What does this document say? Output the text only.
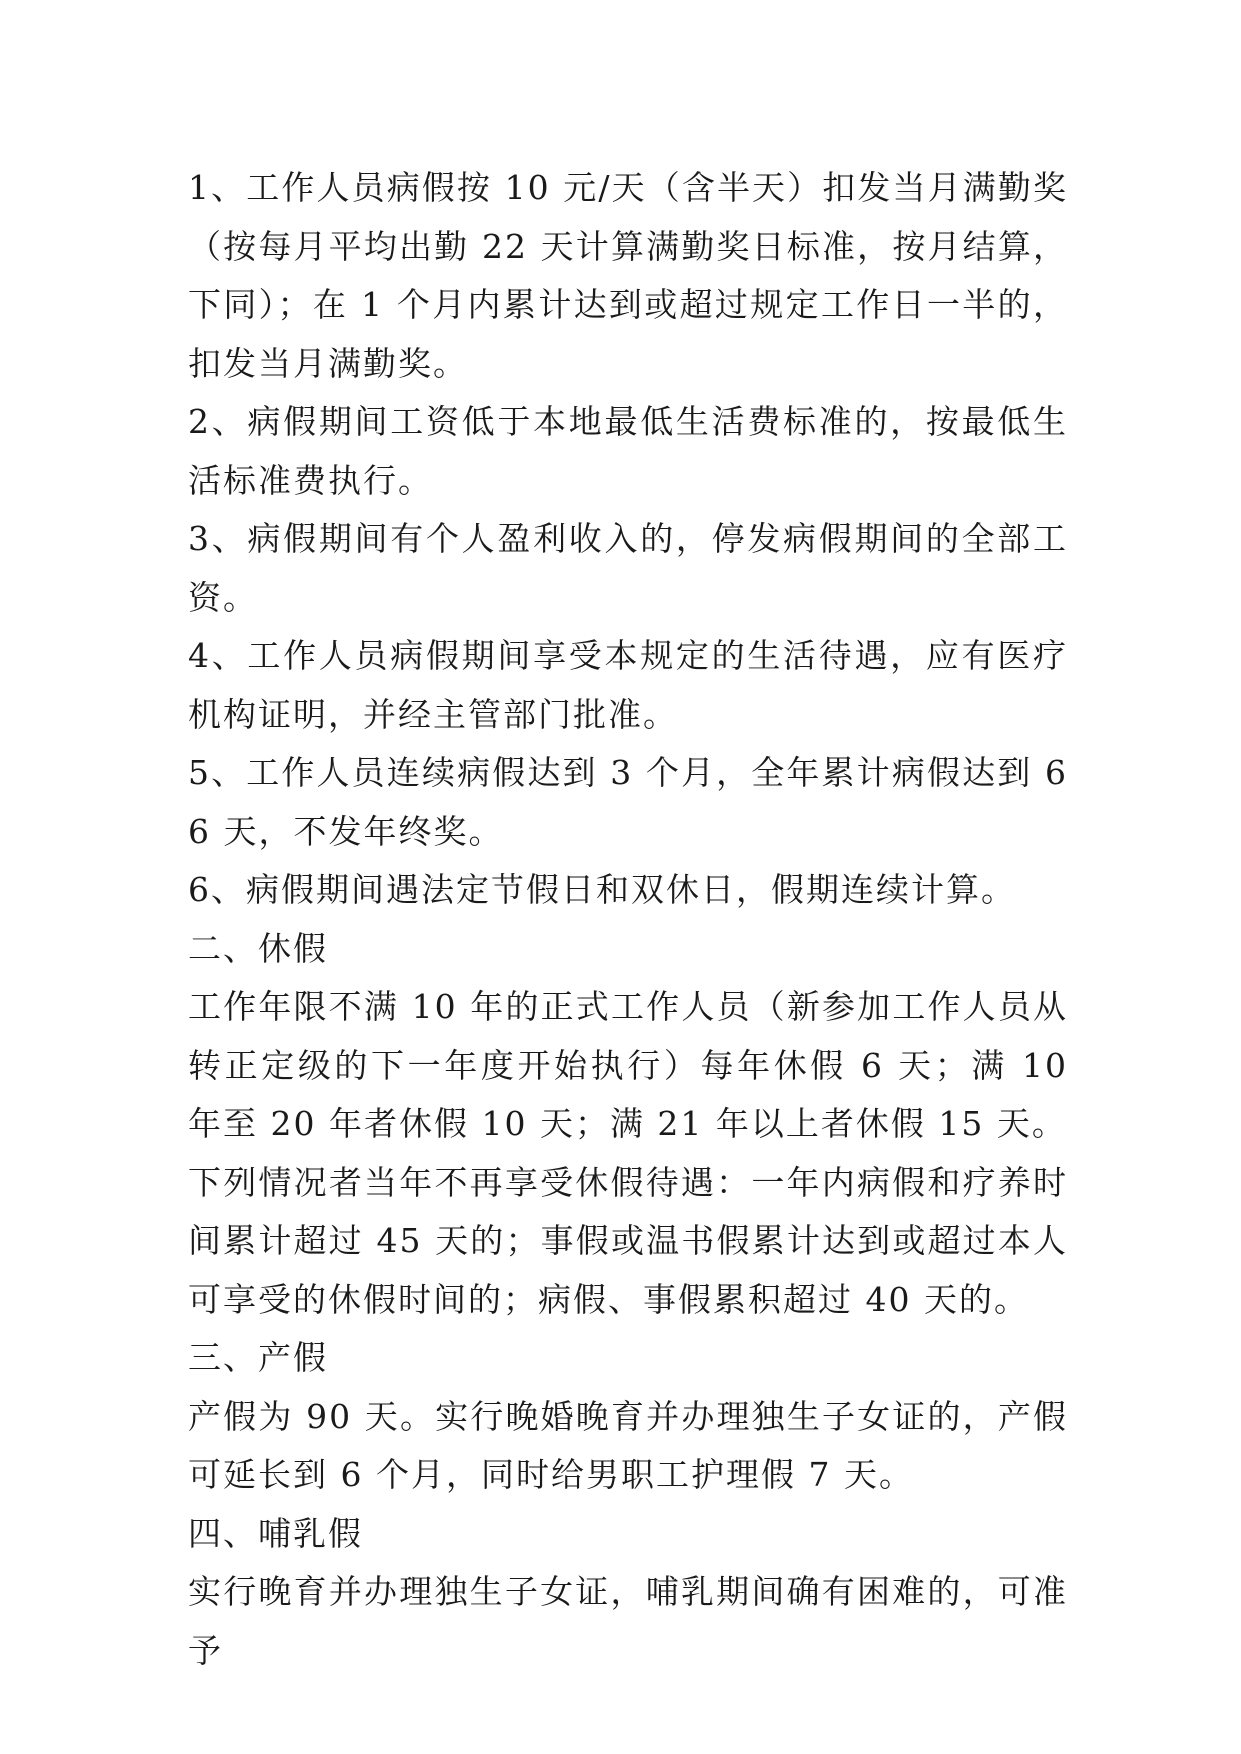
1、工作人员病假按 10 元/天（含半天）扣发当月满勤奖（按每月平均出勤 22 天计算满勤奖日标准，按月结算，下同）；在 1 个月内累计达到或超过规定工作日一半的，扣发当月满勤奖。

2、病假期间工资低于本地最低生活费标准的，按最低生活标准费执行。

3、病假期间有个人盈利收入的，停发病假期间的全部工资。

4、工作人员病假期间享受本规定的生活待遇，应有医疗机构证明，并经主管部门批准。

5、工作人员连续病假达到 3 个月，全年累计病假达到 66 天，不发年终奖。

6、病假期间遇法定节假日和双休日，假期连续计算。

二、休假

工作年限不满 10 年的正式工作人员（新参加工作人员从转正定级的下一年度开始执行）每年休假 6 天；满 10 年至 20 年者休假 10 天；满 21 年以上者休假 15 天。

下列情况者当年不再享受休假待遇：一年内病假和疗养时间累计超过 45 天的；事假或温书假累计达到或超过本人可享受的休假时间的；病假、事假累积超过 40 天的。

三、产假

产假为 90 天。实行晚婚晚育并办理独生子女证的，产假可延长到 6 个月，同时给男职工护理假 7 天。

四、哺乳假

实行晚育并办理独生子女证，哺乳期间确有困难的，可准予
